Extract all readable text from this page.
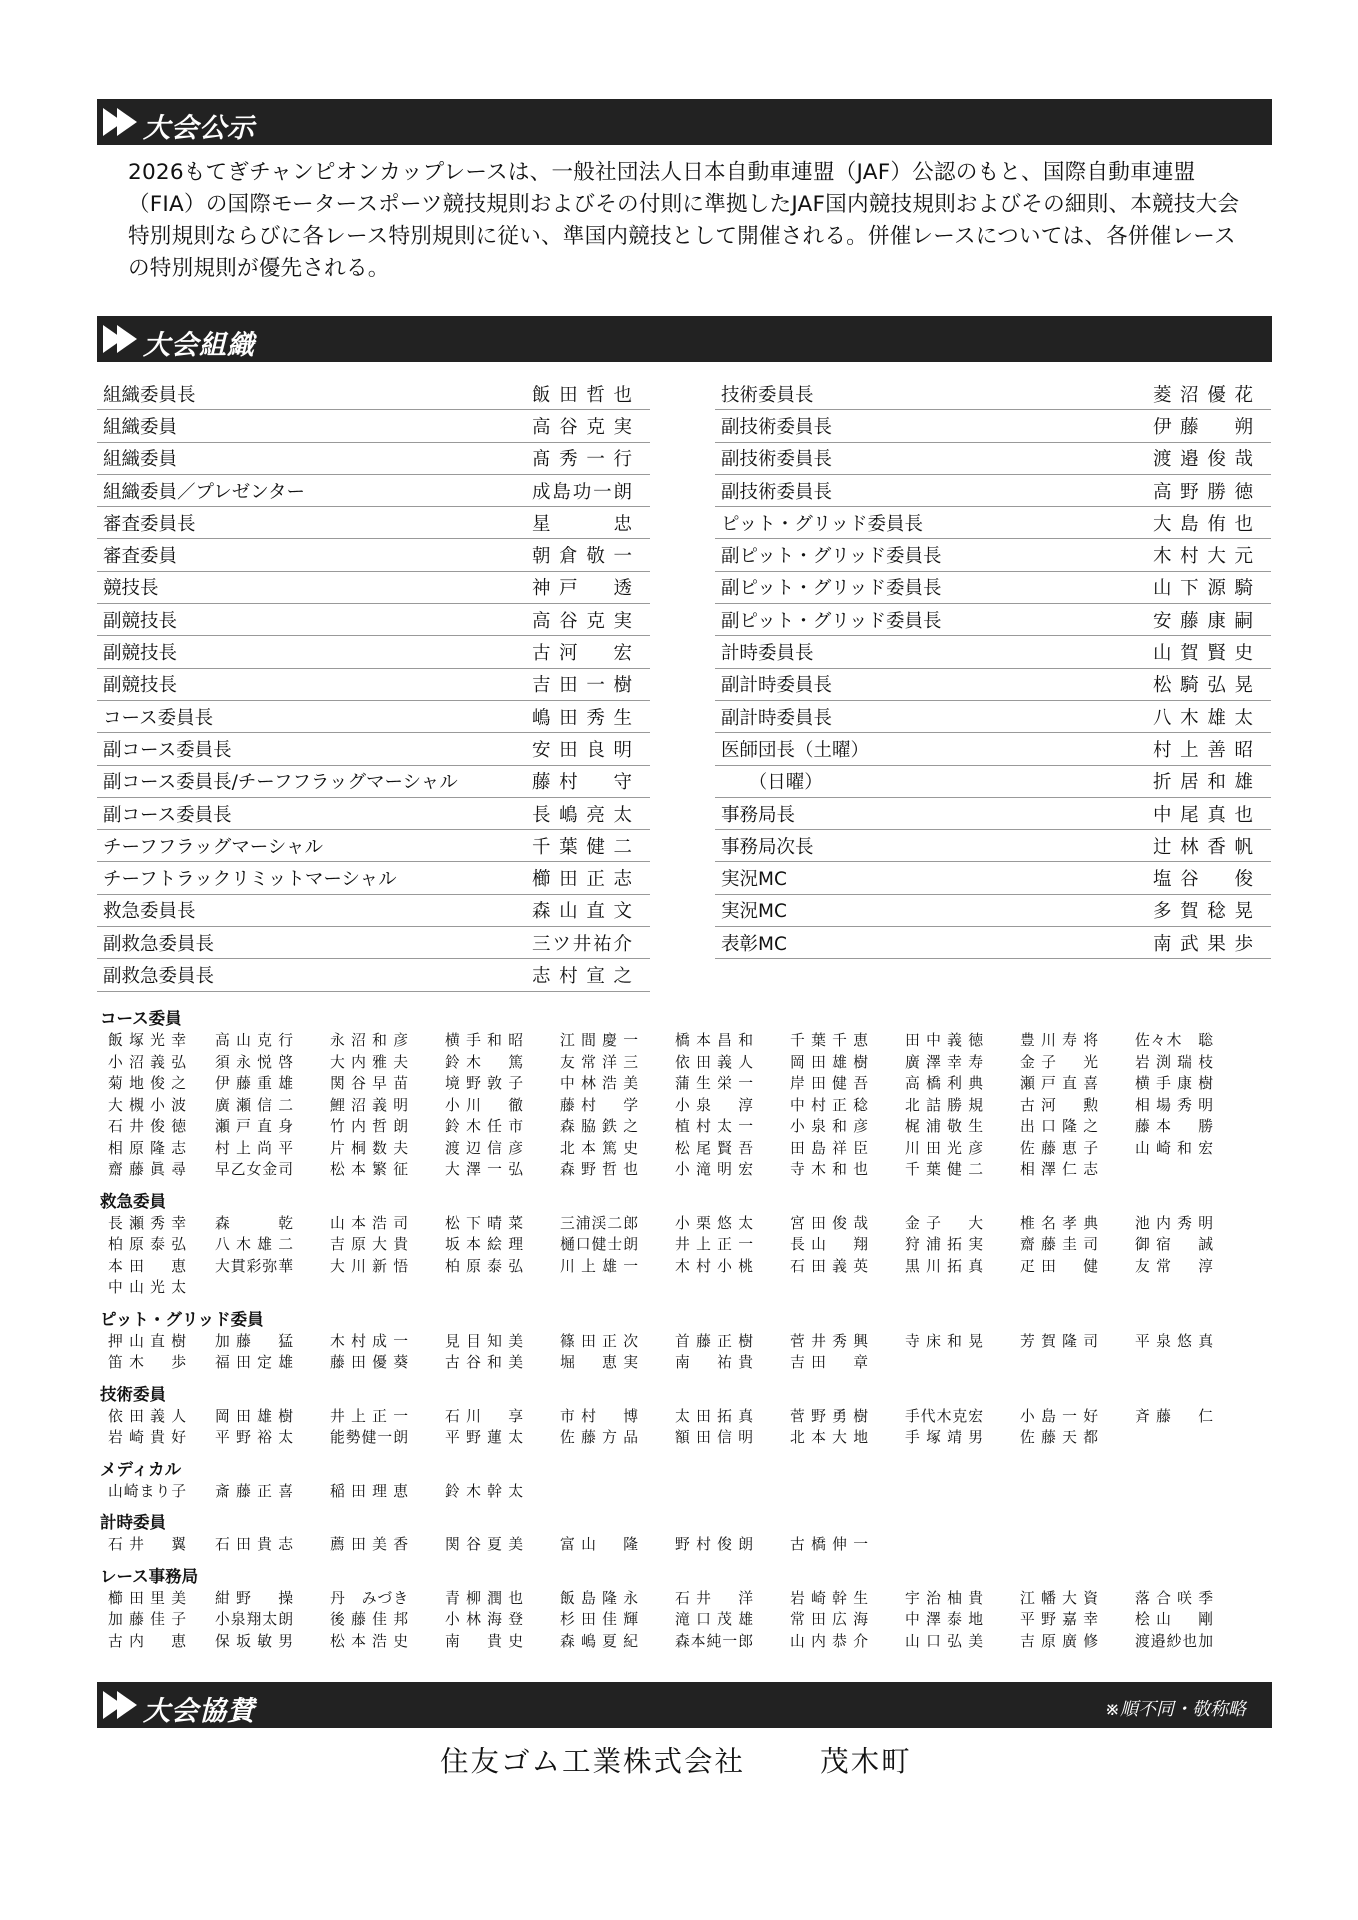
大会公示
2026もてぎチャンピオンカップレースは、一般社団法人日本自動車連盟（JAF）公認のもと、国際自動車連盟（FIA）の国際モータースポーツ競技規則およびその付則に準拠したJAF国内競技規則およびその細則、本競技大会特別規則ならびに各レース特別規則に従い、準国内競技として開催される。併催レースについては、各併催レースの特別規則が優先される。
大会組織
組織委員長	飯田哲也
組織委員	高谷克実
組織委員	髙秀一行
組織委員／プレゼンター	成島功一朗
審査委員長	星　　忠
審査委員	朝倉敬一
競技長	神戸　透
副競技長	高谷克実
副競技長	古河　宏
副競技長	吉田一樹
コース委員長	嶋田秀生
副コース委員長	安田良明
副コース委員長/チーフフラッグマーシャル	藤村　守
副コース委員長	長嶋亮太
チーフフラッグマーシャル	千葉健二
チーフトラックリミットマーシャル	櫛田正志
救急委員長	森山直文
副救急委員長	三ツ井祐介
副救急委員長	志村宣之
技術委員長	菱沼優花
副技術委員長	伊藤　朔
副技術委員長	渡邉俊哉
副技術委員長	高野勝徳
ピット・グリッド委員長	大島侑也
副ピット・グリッド委員長	木村大元
副ピット・グリッド委員長	山下源騎
副ピット・グリッド委員長	安藤康嗣
計時委員長	山賀賢史
副計時委員長	松騎弘晃
副計時委員長	八木雄太
医師団長（土曜）	村上善昭
　　（日曜）	折居和雄
事務局長	中尾真也
事務局次長	辻林香帆
実況MC	塩谷　俊
実況MC	多賀稔晃
表彰MC	南武果歩
コース委員
飯塚光幸 高山克行	永沼和彦	横手和昭	江間慶一	橋本昌和	千葉千恵	田中義徳	豊川寿将	佐々木　聡
小沼義弘 須永悦啓	大内雅夫	鈴木　篤	友常洋三	依田義人	岡田雄樹	廣澤幸寿	金子　光	岩渕瑞枝
菊地俊之 伊藤重雄	関谷早苗	境野敦子	中林浩美	蒲生栄一	岸田健吾	高橋利典	瀬戸直喜	横手康樹
大槻小波 廣瀬信二	鯉沼義明	小川　徹	藤村　学	小泉　淳	中村正稔	北詰勝規	古河　勲	相場秀明
石井俊徳 瀬戸直身	竹内哲朗	鈴木任市	森脇鉄之	植村太一	小泉和彦	梶浦敬生	出口隆之	藤本　勝
相原隆志 村上尚平	片桐数夫	渡辺信彦	北本篤史	松尾賢吾	田島祥臣	川田光彦	佐藤恵子	山崎和宏
齋藤眞尋 早乙女金司	松本繁征	大澤一弘	森野哲也	小滝明宏	寺木和也	千葉健二	相澤仁志
救急委員
長瀬秀幸 森　乾	山本浩司	松下晴菜	三浦渓二郎	小栗悠太	宮田俊哉	金子　大	椎名孝典	池内秀明
柏原泰弘 八木雄二	吉原大貴	坂本絵理	樋口健士朗	井上正一	長山　翔	狩浦拓実	齋藤圭司	御宿　誠
本田　恵 大貫彩弥華	大川新悟	柏原泰弘	川上雄一	木村小桃	石田義英	黒川拓真	疋田　健	友常　淳
中山光太
ピット・グリッド委員
押山直樹 加藤　猛	木村成一	見目知美	篠田正次	首藤正樹	菅井秀興	寺床和晃	芳賀隆司	平泉悠真
笛木　歩 福田定雄	藤田優葵	古谷和美	堀　恵実	南　祐貴	吉田　章
技術委員
依田義人 岡田雄樹	井上正一	石川　享	市村　博	太田拓真	菅野勇樹	手代木克宏	小島一好	斉藤　仁
岩崎貴好 平野裕太	能勢健一朗	平野蓮太	佐藤方品	額田信明	北本大地	手塚靖男	佐藤天都
メディカル
山崎まり子 斎藤正喜	稲田理恵	鈴木幹太
計時委員
石井　翼 石田貴志	薦田美香	関谷夏美	富山　隆	野村俊朗	古橋伸一
レース事務局
櫛田里美 紺野　操	丹　みづき	青柳潤也	飯島隆永	石井　洋	岩崎幹生	宇治柚貴	江幡大資	落合咲季
加藤佳子 小泉翔太朗	後藤佳邦	小林海登	杉田佳輝	滝口茂雄	常田広海	中澤泰地	平野嘉幸	桧山　剛
古内　恵 保坂敏男	松本浩史	南　貴史	森嶋夏紀	森本純一郎	山内恭介	山口弘美	吉原廣修	渡邉紗也加
大会協賛	※順不同・敬称略
住友ゴム工業株式会社	茂木町
